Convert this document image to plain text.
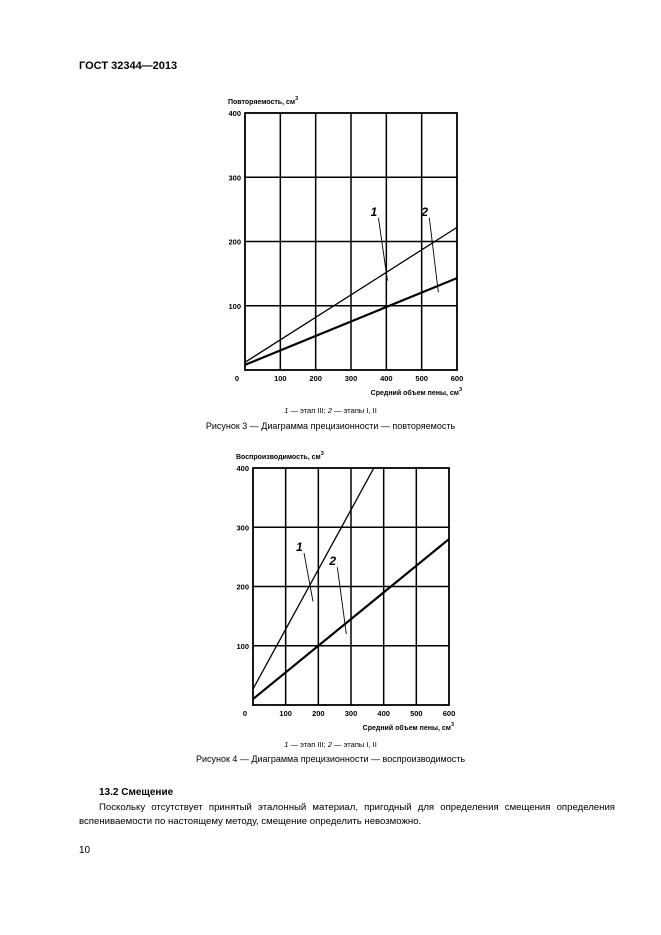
ГОСТ 32344—2013
1	2
0	100	200	300	400	500	600
100
200
300
400
Повторяемость, $см^3$
Средний объем пены, $см^3$
1 — этап III; 2 — этапы I, II
Рисунок 3 — Диаграмма прецизионности — повторяемость
1
2
0	100	200	300	400	500	600
100
200
300
400
Воспроизводимость, $см^3$
Средний объем пены, $см^3$
1 — этап III; 2 — этапы I, II
Рисунок 4 — Диаграмма прецизионности — воспроизводимость
13.2 Смещение
Поскольку отсутствует принятый эталонный материал, пригодный для определения смещения определения вспениваемости по настоящему методу, смещение определить невозможно.
10
